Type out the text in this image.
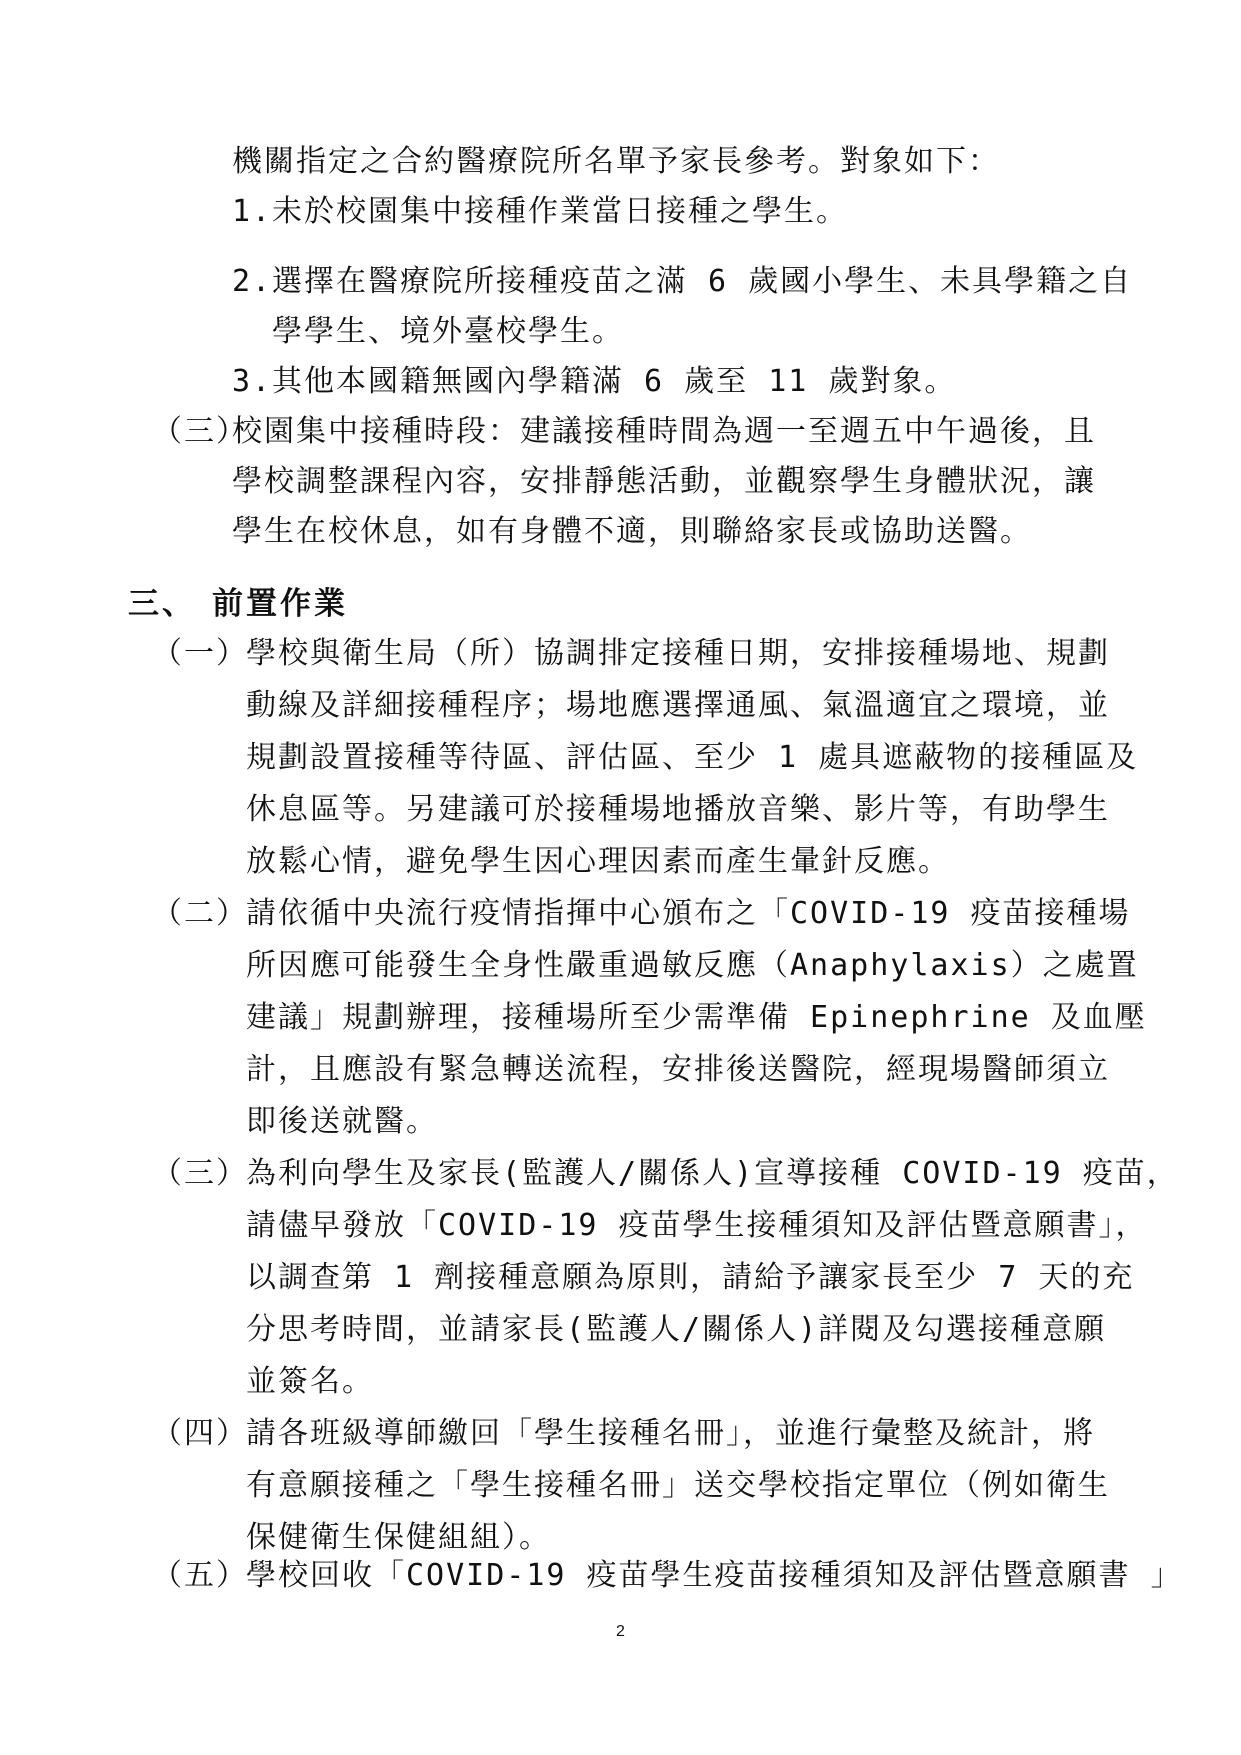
機關指定之合約醫療院所名單予家長參考。對象如下：
1. 未於校園集中接種作業當日接種之學生。
2. 選擇在醫療院所接種疫苗之滿 6 歲國小學生、未具學籍之自
學學生、境外臺校學生。
3. 其他本國籍無國內學籍滿 6 歲至 11 歲對象。
（三）
校園集中接種時段：建議接種時間為週一至週五中午過後，且
學校調整課程內容，安排靜態活動，並觀察學生身體狀況，讓
學生在校休息，如有身體不適，則聯絡家長或協助送醫。
三、 前置作業
（一）
學校與衛生局（所）協調排定接種日期，安排接種場地、規劃
動線及詳細接種程序；場地應選擇通風、氣溫適宜之環境，並
規劃設置接種等待區、評估區、至少 1 處具遮蔽物的接種區及
休息區等。另建議可於接種場地播放音樂、影片等，有助學生
放鬆心情，避免學生因心理因素而產生暈針反應。
（二）
請依循中央流行疫情指揮中心頒布之「COVID-19 疫苗接種場
所因應可能發生全身性嚴重過敏反應（Anaphylaxis）之處置
建議」規劃辦理，接種場所至少需準備 Epinephrine 及血壓
計，且應設有緊急轉送流程，安排後送醫院，經現場醫師須立
即後送就醫。
（三）
為利向學生及家長(監護人/關係人)宣導接種 COVID-19 疫苗，
請儘早發放「COVID-19 疫苗學生接種須知及評估暨意願書」，
以調查第 1 劑接種意願為原則，請給予讓家長至少 7 天的充
分思考時間，並請家長(監護人/關係人)詳閱及勾選接種意願
並簽名。
（四）
請各班級導師繳回「學生接種名冊」，並進行彙整及統計，將
有意願接種之「學生接種名冊」送交學校指定單位（例如衛生
保健衛生保健組組）。
（五）
學校回收「COVID-19 疫苗學生疫苗接種須知及評估暨意願書 」
2
